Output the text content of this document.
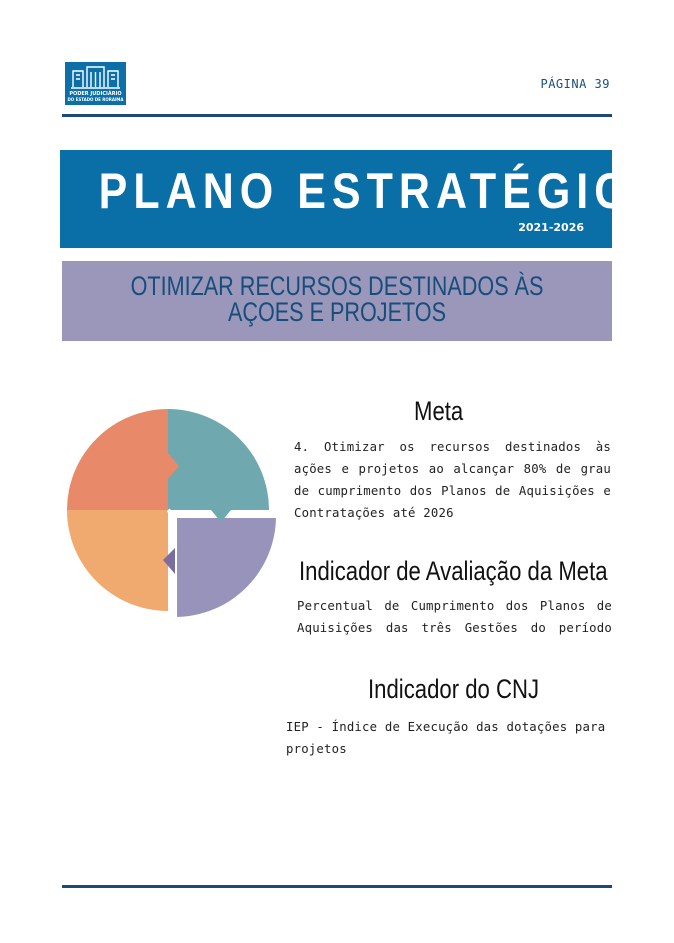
PODER JUDICIÁRIO
DO ESTADO DE RORAIMA
PÁGINA 39
PLANO ESTRATÉGICO
2021-2026
OTIMIZAR RECURSOS DESTINADOS ÀS
AÇOES E PROJETOS
Meta
4. Otimizar os recursos destinados às
ações e projetos ao alcançar 80% de grau
de cumprimento dos Planos de Aquisições e
Contratações até 2026
Indicador de Avaliação da Meta
Percentual de Cumprimento dos Planos de
Aquisições das três Gestões do período
Indicador do CNJ
IEP - Índice de Execução das dotações para
projetos
